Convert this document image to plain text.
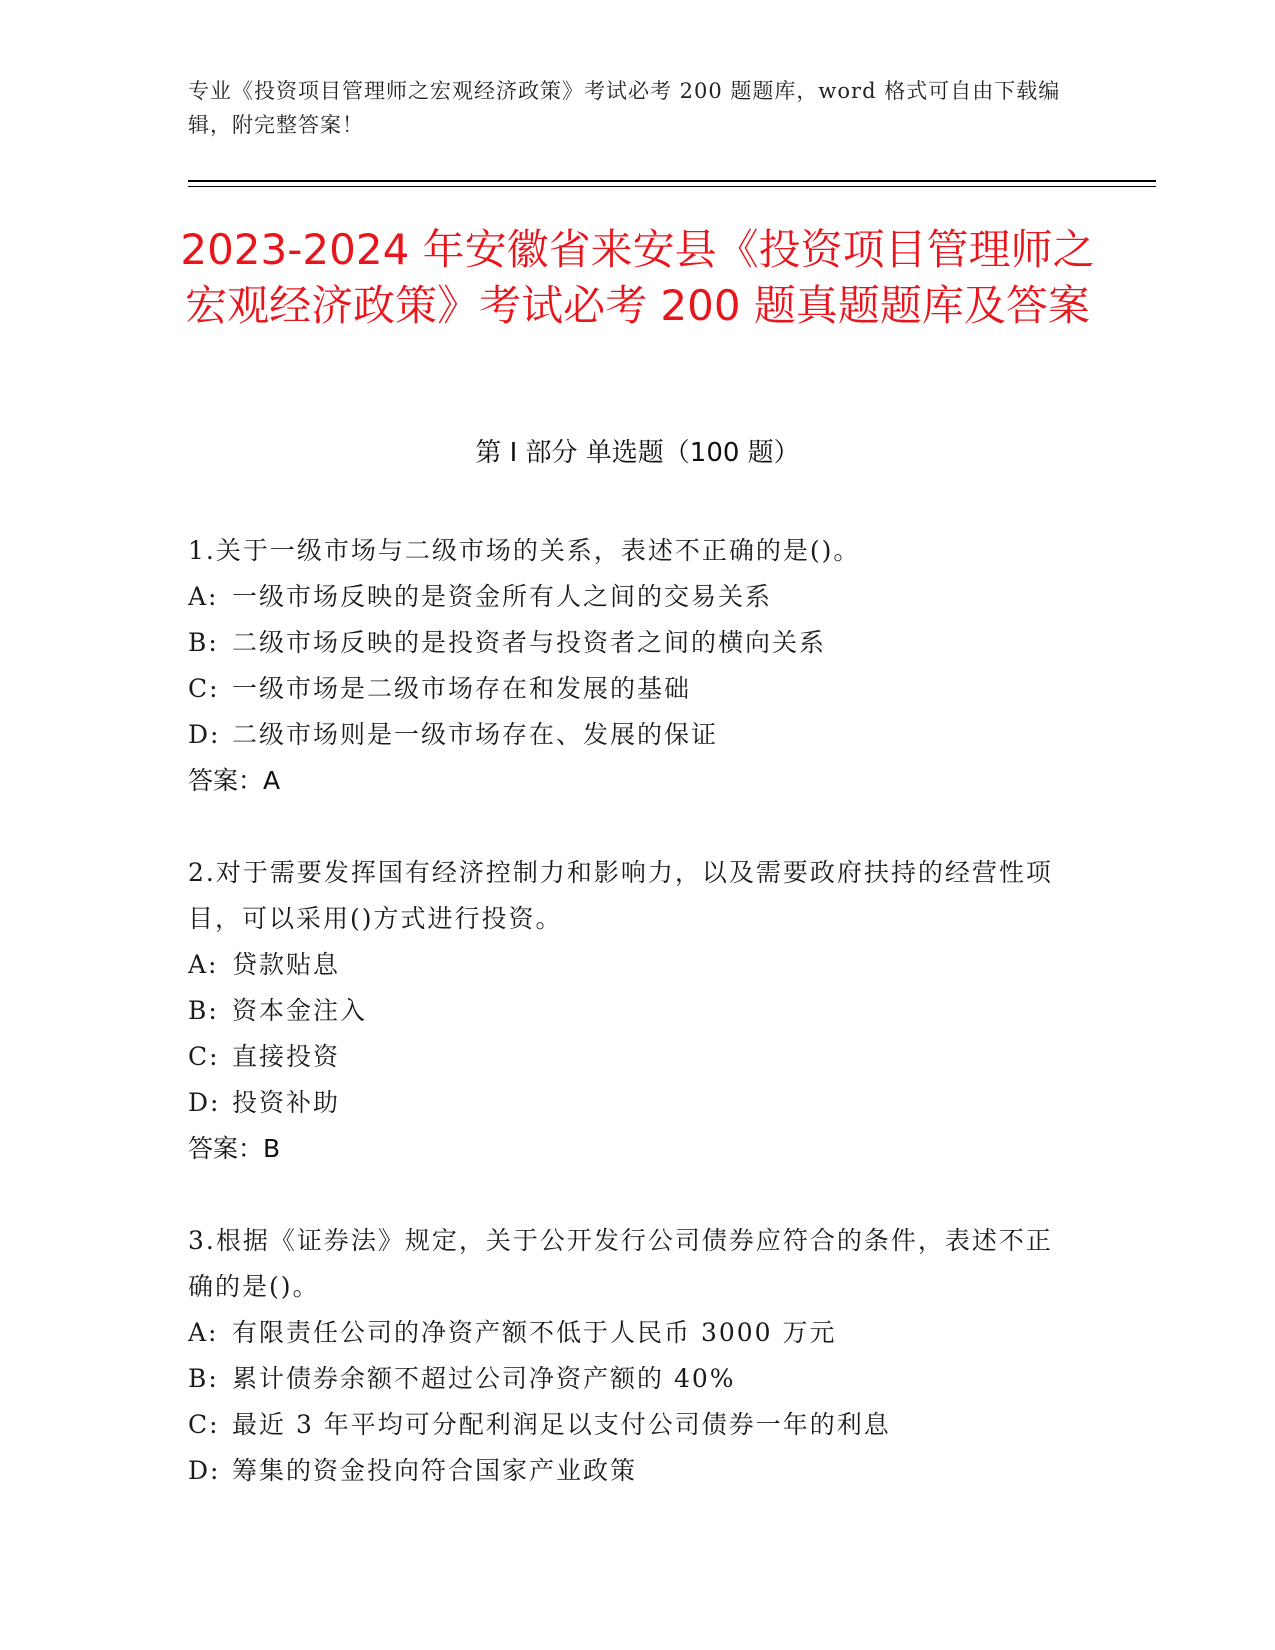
专业《投资项目管理师之宏观经济政策》考试必考 200 题题库，word 格式可自由下载编辑，附完整答案！
2023-2024 年安徽省来安县《投资项目管理师之宏观经济政策》考试必考 200 题真题题库及答案
第 I 部分 单选题（100 题）
1.关于一级市场与二级市场的关系，表述不正确的是()。
A: 一级市场反映的是资金所有人之间的交易关系
B: 二级市场反映的是投资者与投资者之间的横向关系
C: 一级市场是二级市场存在和发展的基础
D: 二级市场则是一级市场存在、发展的保证
答案：A
2.对于需要发挥国有经济控制力和影响力，以及需要政府扶持的经营性项目，可以采用()方式进行投资。
A: 贷款贴息
B: 资本金注入
C: 直接投资
D: 投资补助
答案：B
3.根据《证券法》规定，关于公开发行公司债券应符合的条件，表述不正确的是()。
A: 有限责任公司的净资产额不低于人民币 3000 万元
B: 累计债券余额不超过公司净资产额的 40%
C: 最近 3 年平均可分配利润足以支付公司债券一年的利息
D: 筹集的资金投向符合国家产业政策
